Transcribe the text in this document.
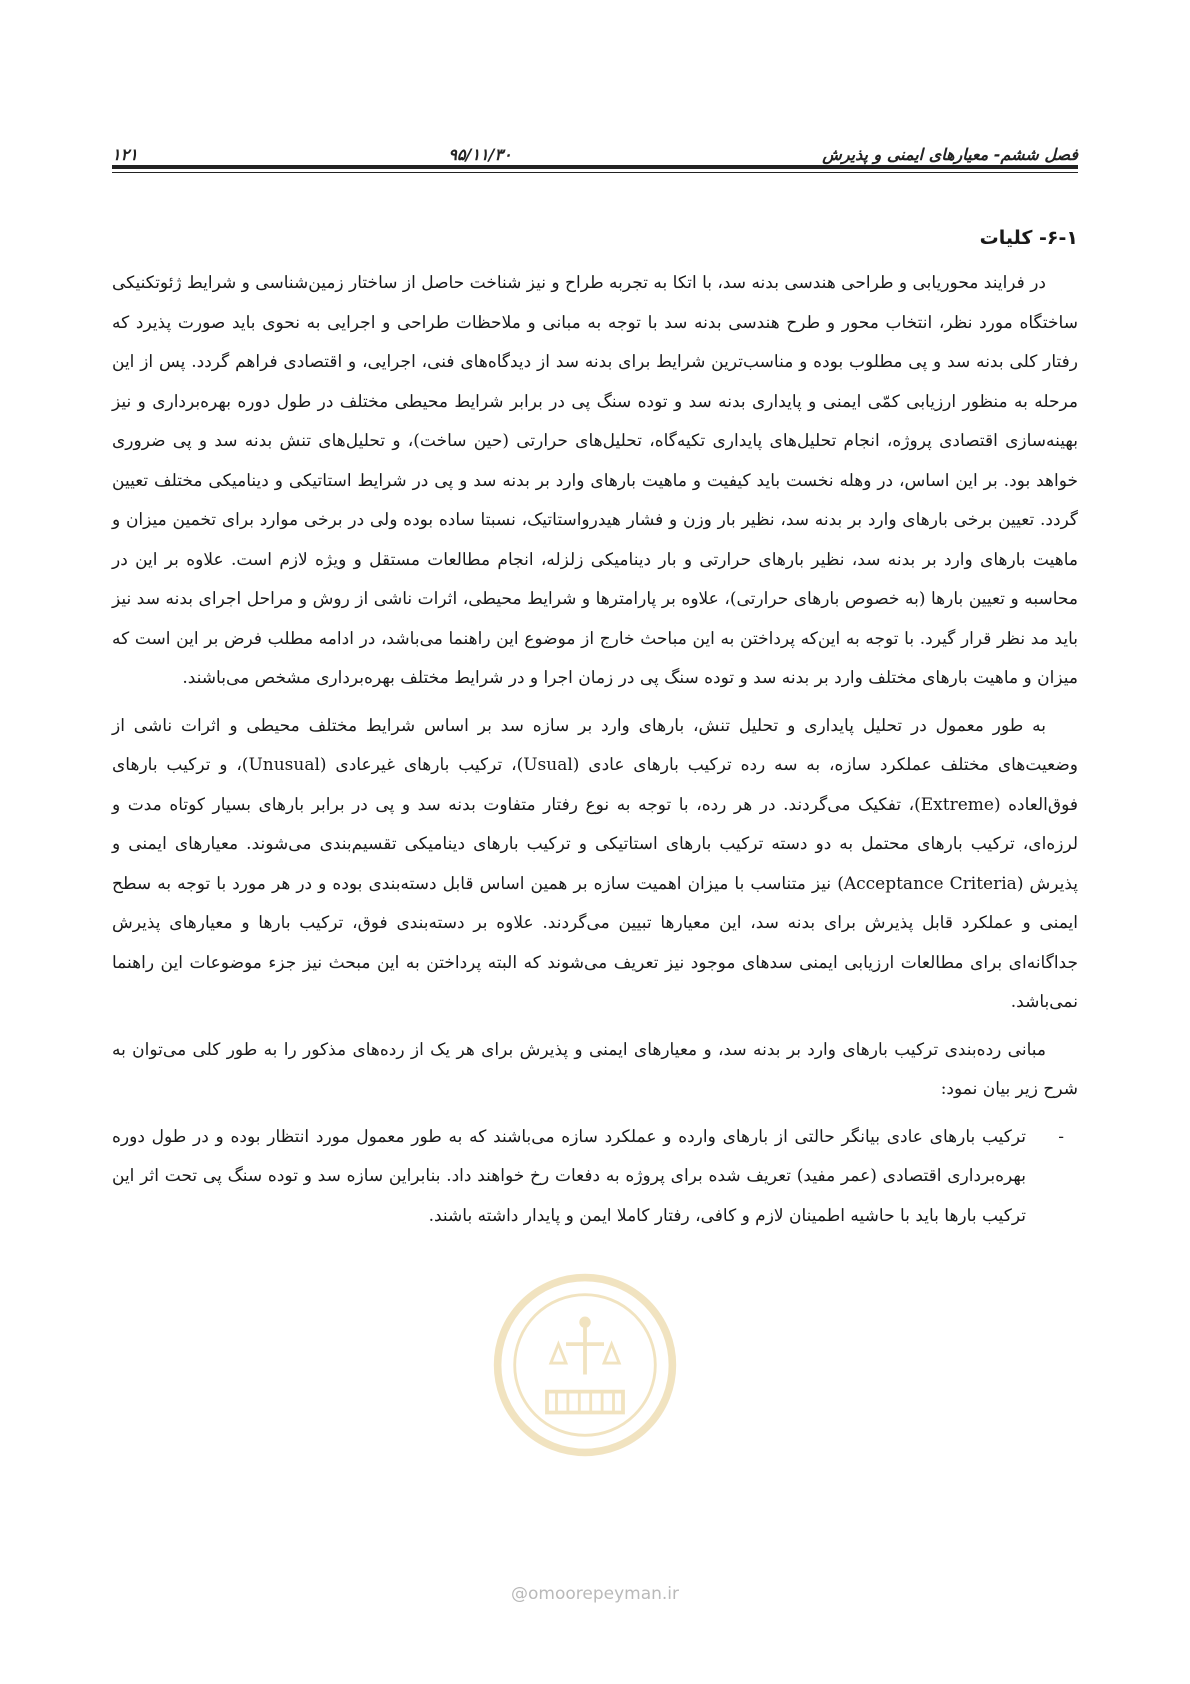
فصل ششم- معیارهای ایمنی و پذیرش
۹۵/۱۱/۳۰
۱۲۱
۶-۱- کلیات

در فرایند محوریابی و طراحی هندسی بدنه سد، با اتکا به تجربه طراح و نیز شناخت حاصل از ساختار زمین‌شناسی و شرایط ژئوتکنیکی ساختگاه مورد نظر، انتخاب محور و طرح هندسی بدنه سد با توجه به مبانی و ملاحظات طراحی و اجرایی به نحوی باید صورت پذیرد که رفتار کلی بدنه سد و پی مطلوب بوده و مناسب‌ترین شرایط برای بدنه سد از دیدگاه‌های فنی، اجرایی، و اقتصادی فراهم گردد. پس از این مرحله به منظور ارزیابی کمّی ایمنی و پایداری بدنه سد و توده سنگ پی در برابر شرایط محیطی مختلف در طول دوره بهره‌برداری و نیز بهینه‌سازی اقتصادی پروژه، انجام تحلیل‌های پایداری تکیه‌گاه، تحلیل‌های حرارتی (حین ساخت)، و تحلیل‌های تنش بدنه سد و پی ضروری خواهد بود. بر این اساس، در وهله نخست باید کیفیت و ماهیت بارهای وارد بر بدنه سد و پی در شرایط استاتیکی و دینامیکی مختلف تعیین گردد. تعیین برخی بارهای وارد بر بدنه سد، نظیر بار وزن و فشار هیدرواستاتیک، نسبتا ساده بوده ولی در برخی موارد برای تخمین میزان و ماهیت بارهای وارد بر بدنه سد، نظیر بارهای حرارتی و بار دینامیکی زلزله، انجام مطالعات مستقل و ویژه لازم است. علاوه بر این در محاسبه و تعیین بارها (به خصوص بارهای حرارتی)، علاوه بر پارامترها و شرایط محیطی، اثرات ناشی از روش و مراحل اجرای بدنه سد نیز باید مد نظر قرار گیرد. با توجه به این‌که پرداختن به این مباحث خارج از موضوع این راهنما می‌باشد، در ادامه مطلب فرض بر این است که میزان و ماهیت بارهای مختلف وارد بر بدنه سد و توده سنگ پی در زمان اجرا و در شرایط مختلف بهره‌برداری مشخص می‌باشند.

به طور معمول در تحلیل پایداری و تحلیل تنش، بارهای وارد بر سازه سد بر اساس شرایط مختلف محیطی و اثرات ناشی از وضعیت‌های مختلف عملکرد سازه، به سه رده ترکیب بارهای عادی (Usual)، ترکیب بارهای غیرعادی (Unusual)، و ترکیب بارهای فوق‌العاده (Extreme)، تفکیک می‌گردند. در هر رده، با توجه به نوع رفتار متفاوت بدنه سد و پی در برابر بارهای بسیار کوتاه مدت و لرزه‌ای، ترکیب بارهای محتمل به دو دسته ترکیب بارهای استاتیکی و ترکیب بارهای دینامیکی تقسیم‌بندی می‌شوند. معیارهای ایمنی و پذیرش (Acceptance Criteria) نیز متناسب با میزان اهمیت سازه بر همین اساس قابل دسته‌بندی بوده و در هر مورد با توجه به سطح ایمنی و عملکرد قابل پذیرش برای بدنه سد، این معیارها تبیین می‌گردند. علاوه بر دسته‌بندی فوق، ترکیب بارها و معیارهای پذیرش جداگانه‌ای برای مطالعات ارزیابی ایمنی سدهای موجود نیز تعریف می‌شوند که البته پرداختن به این مبحث نیز جزء موضوعات این راهنما نمی‌باشد.

مبانی رده‌بندی ترکیب بارهای وارد بر بدنه سد، و معیارهای ایمنی و پذیرش برای هر یک از رده‌های مذکور را به طور کلی می‌توان به شرح زیر بیان نمود:

-
ترکیب بارهای عادی بیانگر حالتی از بارهای وارده و عملکرد سازه می‌باشند که به طور معمول مورد انتظار بوده و در طول دوره بهره‌برداری اقتصادی (عمر مفید) تعریف شده برای پروژه به دفعات رخ خواهند داد. بنابراین سازه سد و توده سنگ پی تحت اثر این ترکیب بارها باید با حاشیه اطمینان لازم و کافی، رفتار کاملا ایمن و پایدار داشته باشند.
@omoorepeyman.ir
